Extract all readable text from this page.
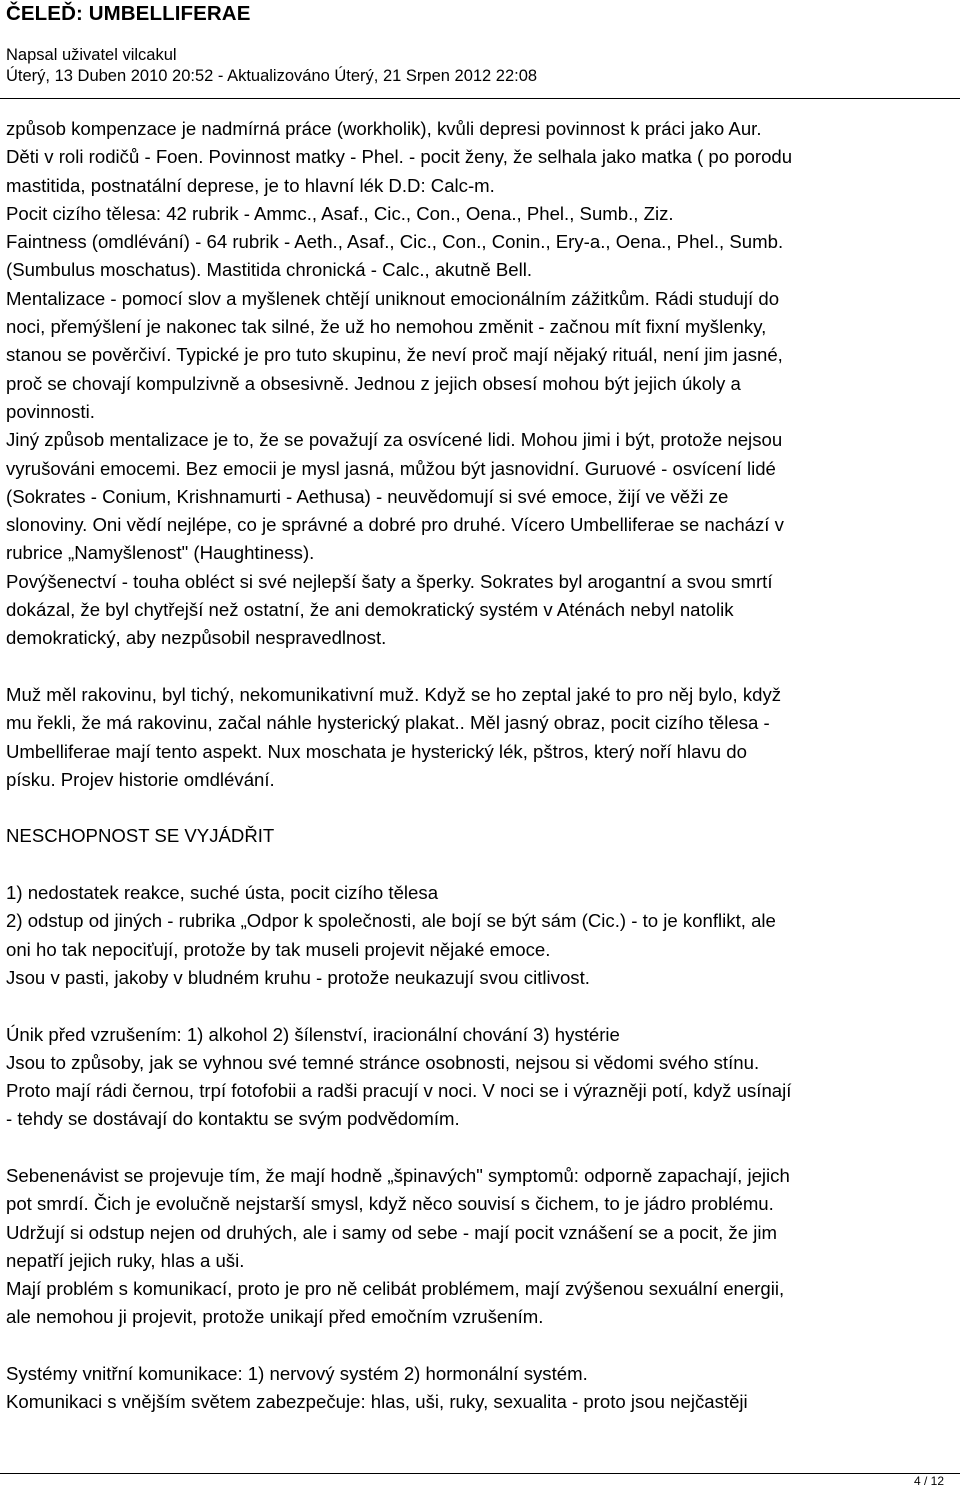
ČELEĎ: UMBELLIFERAE
Napsal uživatel vilcakul
Úterý, 13 Duben 2010 20:52 - Aktualizováno Úterý, 21 Srpen 2012 22:08
způsob kompenzace je nadmírná práce (workholik), kvůli depresi povinnost k práci jako Aur.
Děti v roli rodičů - Foen. Povinnost matky - Phel. - pocit ženy, že selhala jako matka ( po porodu
mastitida, postnatální deprese, je to hlavní lék D.D: Calc-m.
Pocit cizího tělesa: 42 rubrik - Ammc., Asaf., Cic., Con., Oena., Phel., Sumb., Ziz.
Faintness (omdlévání) - 64 rubrik - Aeth., Asaf., Cic., Con., Conin., Ery-a., Oena., Phel., Sumb.
(Sumbulus moschatus). Mastitida chronická - Calc., akutně Bell.
Mentalizace - pomocí slov a myšlenek chtějí uniknout emocionálním zážitkům. Rádi studují do
noci, přemýšlení je nakonec tak silné, že už ho nemohou změnit - začnou mít fixní myšlenky,
stanou se pověrčiví. Typické je pro tuto skupinu, že neví proč mají nějaký rituál, není jim jasné,
proč se chovají kompulzivně a obsesivně. Jednou z jejich obsesí mohou být jejich úkoly a
povinnosti.
Jiný způsob mentalizace je to, že se považují za osvícené lidi. Mohou jimi i být, protože nejsou
vyrušováni emocemi. Bez emocii je mysl jasná, můžou být jasnovidní. Guruové - osvícení lidé
(Sokrates - Conium, Krishnamurti - Aethusa) - neuvědomují si své emoce, žijí ve věži ze
slonoviny. Oni vědí nejlépe, co je správné a dobré pro druhé. Vícero Umbelliferae se nachází v
rubrice „Namyšlenost" (Haughtiness).
Povýšenectví - touha obléct si své nejlepší šaty a šperky. Sokrates byl arogantní a svou smrtí
dokázal, že byl chytřejší než ostatní, že ani demokratický systém v Aténách nebyl natolik
demokratický, aby nezpůsobil nespravedlnost.
Muž měl rakovinu, byl tichý, nekomunikativní muž. Když se ho zeptal jaké to pro něj bylo, když
mu řekli, že má rakovinu, začal náhle hysterický plakat.. Měl jasný obraz, pocit cizího tělesa -
Umbelliferae mají tento aspekt. Nux moschata je hysterický lék, pštros, který noří hlavu do
písku. Projev historie omdlévání.
NESCHOPNOST SE VYJÁDŘIT
1) nedostatek reakce, suché ústa, pocit cizího tělesa
2) odstup od jiných - rubrika „Odpor k společnosti, ale bojí se být sám (Cic.) - to je konflikt, ale
oni ho tak nepociťují, protože by tak museli projevit nějaké emoce.
Jsou v pasti, jakoby v bludném kruhu - protože neukazují svou citlivost.
Únik před vzrušením: 1) alkohol 2) šílenství, iracionální chování 3) hystérie
Jsou to způsoby, jak se vyhnou své temné stránce osobnosti, nejsou si vědomi svého stínu.
Proto mají rádi černou, trpí fotofobii a radši pracují v noci. V noci se i výrazněji potí, když usínají
- tehdy se dostávají do kontaktu se svým podvědomím.
Sebenenávist se projevuje tím, že mají hodně „špinavých" symptomů: odporně zapachají, jejich
pot smrdí. Čich je evolučně nejstarší smysl, když něco souvisí s čichem, to je jádro problému.
Udržují si odstup nejen od druhých, ale i samy od sebe - mají pocit vznášení se a pocit, že jim
nepatří jejich ruky, hlas a uši.
Mají problém s komunikací, proto je pro ně celibát problémem, mají zvýšenou sexuální energii,
ale nemohou ji projevit, protože unikají před emočním vzrušením.
Systémy vnitřní komunikace: 1) nervový systém 2) hormonální systém.
Komunikaci s vnějším světem zabezpečuje: hlas, uši, ruky, sexualita - proto jsou nejčastěji
4 / 12
